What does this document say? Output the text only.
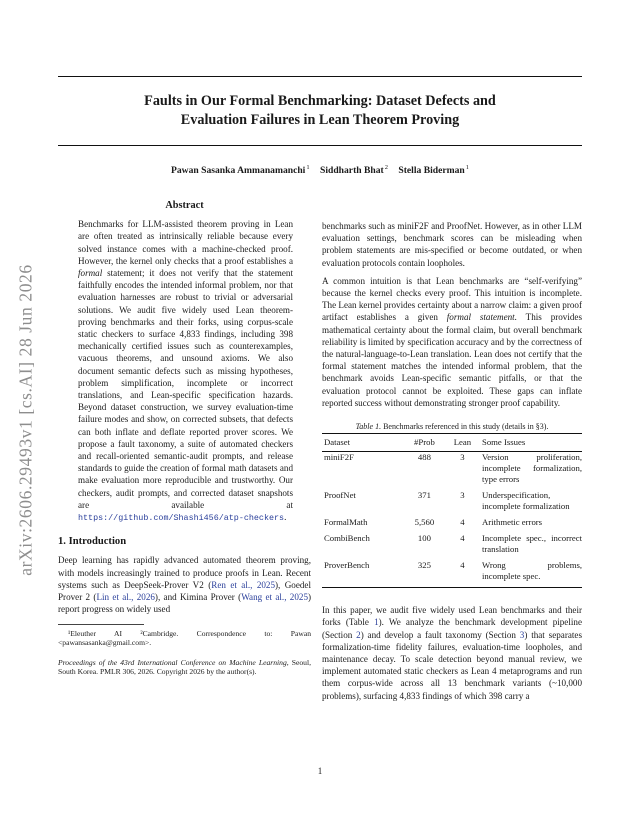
arXiv:2606.29493v1 [cs.AI] 28 Jun 2026
Faults in Our Formal Benchmarking: Dataset Defects and
Evaluation Failures in Lean Theorem Proving
Pawan Sasanka Ammanamanchi$^1$ Siddharth Bhat$^2$ Stella Biderman$^1$
Abstract

Benchmarks for LLM-assisted theorem proving in Lean are often treated as intrinsically reliable because every solved instance comes with a machine-checked proof. However, the kernel only checks that a proof establishes a formal statement; it does not verify that the statement faithfully encodes the intended informal problem, nor that evaluation harnesses are robust to trivial or adversarial solutions. We audit five widely used Lean theorem-proving benchmarks and their forks, using corpus-scale static checkers to surface 4,833 findings, including 398 mechanically certified issues such as counterexamples, vacuous theorems, and unsound axioms. We also document semantic defects such as missing hypotheses, problem simplification, incomplete or incorrect translations, and Lean-specific specification hazards. Beyond dataset construction, we survey evaluation-time failure modes and show, on corrected subsets, that defects can both inflate and deflate reported prover scores. We propose a fault taxonomy, a suite of automated checkers and recall-oriented semantic-audit prompts, and release standards to guide the creation of formal math datasets and make evaluation more reproducible and trustworthy. Our checkers, audit prompts, and corrected dataset snapshots are available at https://github.com/Shashi456/atp-checkers.

1. Introduction

Deep learning has rapidly advanced automated theorem proving, with models increasingly trained to produce proofs in Lean. Recent systems such as DeepSeek-Prover V2 (Ren et al., 2025), Goedel Prover 2 (Lin et al., 2026), and Kimina Prover (Wang et al., 2025) report progress on widely used

¹Eleuther AI ²Cambridge. Correspondence to: Pawan <pawansasanka@gmail.com>.

Proceedings of the 43rd International Conference on Machine Learning, Seoul, South Korea. PMLR 306, 2026. Copyright 2026 by the author(s).

benchmarks such as miniF2F and ProofNet. However, as in other LLM evaluation settings, benchmark scores can be misleading when problem statements are mis-specified or become outdated, or when evaluation protocols contain loopholes.

A common intuition is that Lean benchmarks are “self-verifying” because the kernel checks every proof. This intuition is incomplete. The Lean kernel provides certainty about a narrow claim: a given proof artifact establishes a given formal statement. This provides mathematical certainty about the formal claim, but overall benchmark reliability is limited by specification accuracy and by the correctness of the natural-language-to-Lean translation. Lean does not certify that the formal statement matches the intended informal problem, that the benchmark avoids Lean-specific semantic pitfalls, or that the evaluation protocol cannot be exploited. These gaps can inflate reported success without demonstrating stronger proof capability.

Table 1. Benchmarks referenced in this study (details in §3).

Dataset	#Prob	Lean	Some Issues
miniF2F	488	3	Version proliferation, incomplete formalization, type errors
ProofNet	371	3	Underspecification, incomplete formalization
FormalMath	5,560	4	Arithmetic errors
CombiBench	100	4	Incomplete spec., incorrect translation
ProverBench	325	4	Wrong problems, incomplete spec.

In this paper, we audit five widely used Lean benchmarks and their forks (Table 1). We analyze the benchmark development pipeline (Section 2) and develop a fault taxonomy (Section 3) that separates formalization-time fidelity failures, evaluation-time loopholes, and maintenance decay. To scale detection beyond manual review, we implement automated static checkers as Lean 4 metaprograms and run them corpus-wide across all 13 benchmark variants (~10,000 problems), surfacing 4,833 findings of which 398 carry a

1
